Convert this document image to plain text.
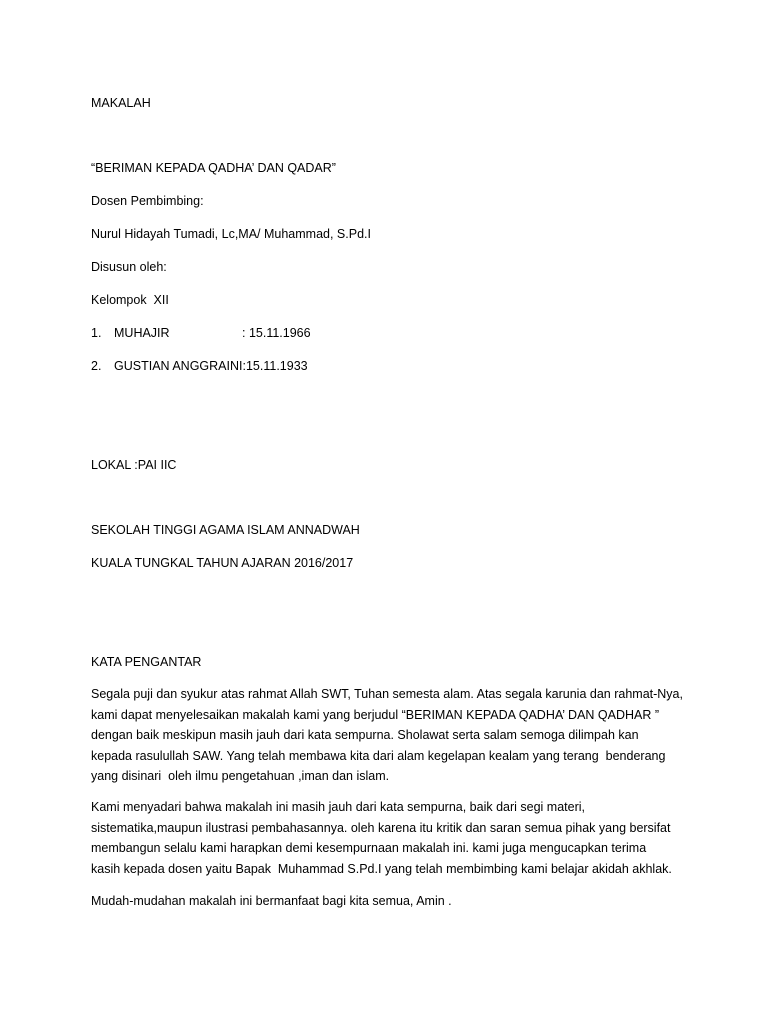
MAKALAH
“BERIMAN KEPADA QADHA’ DAN QADAR”
Dosen Pembimbing:
Nurul Hidayah Tumadi, Lc,MA/ Muhammad, S.Pd.I
Disusun oleh:
Kelompok  XII
1. MUHAJIR	: 15.11.1966
2. GUSTIAN ANGGRAINI:15.11.1933
LOKAL :PAI IIC
SEKOLAH TINGGI AGAMA ISLAM ANNADWAH
KUALA TUNGKAL TAHUN AJARAN 2016/2017
KATA PENGANTAR
Segala puji dan syukur atas rahmat Allah SWT, Tuhan semesta alam. Atas segala karunia dan rahmat-Nya,
kami dapat menyelesaikan makalah kami yang berjudul “BERIMAN KEPADA QADHA’ DAN QADHAR ”
dengan baik meskipun masih jauh dari kata sempurna. Sholawat serta salam semoga dilimpah kan
kepada rasulullah SAW. Yang telah membawa kita dari alam kegelapan kealam yang terang  benderang
yang disinari  oleh ilmu pengetahuan ,iman dan islam.
Kami menyadari bahwa makalah ini masih jauh dari kata sempurna, baik dari segi materi,
sistematika,maupun ilustrasi pembahasannya. oleh karena itu kritik dan saran semua pihak yang bersifat
membangun selalu kami harapkan demi kesempurnaan makalah ini. kami juga mengucapkan terima
kasih kepada dosen yaitu Bapak  Muhammad S.Pd.I yang telah membimbing kami belajar akidah akhlak.
Mudah-mudahan makalah ini bermanfaat bagi kita semua, Amin .
